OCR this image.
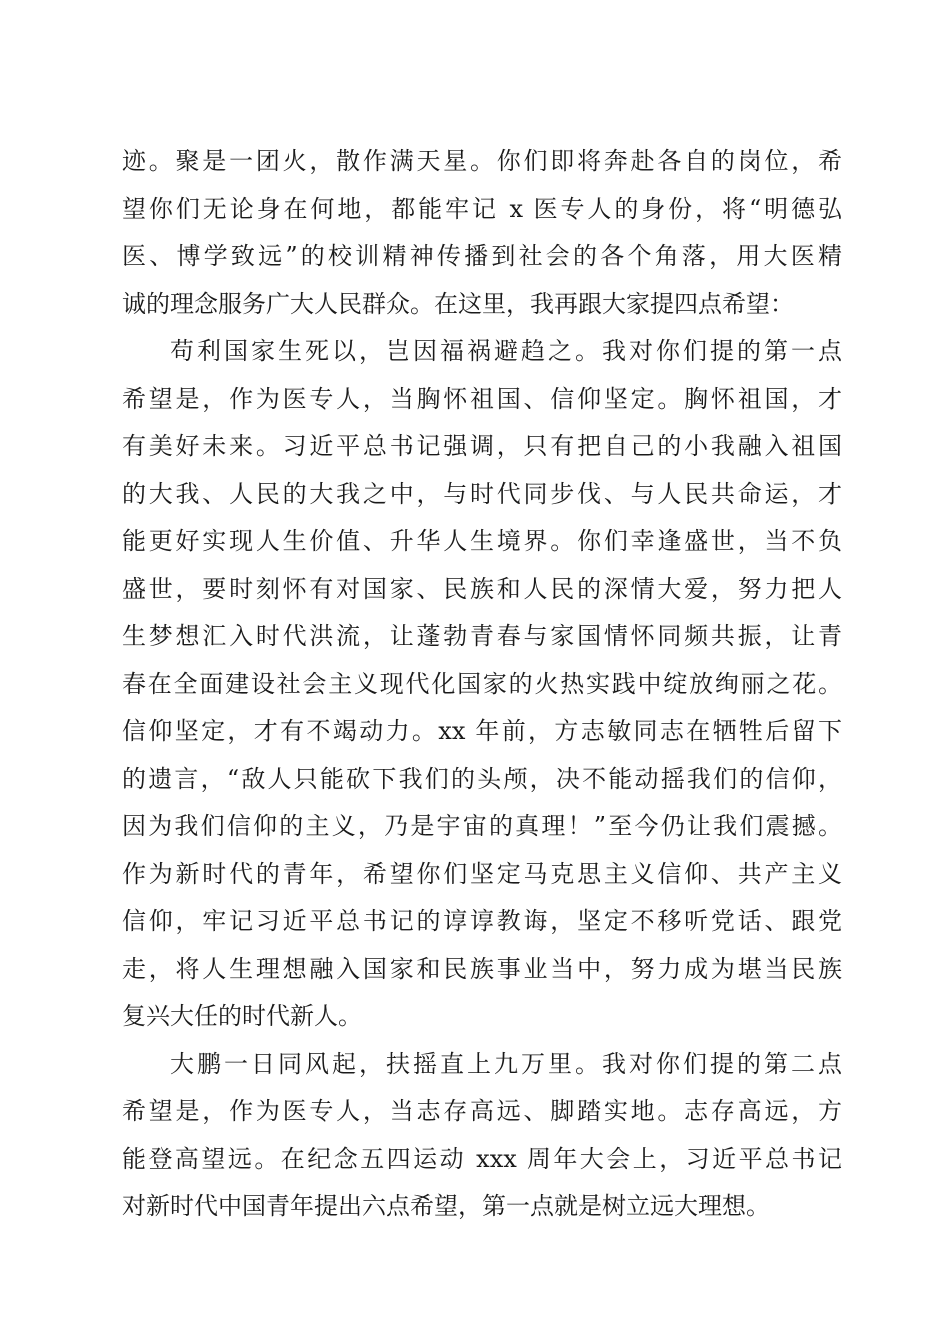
迹。聚是一团火，散作满天星。你们即将奔赴各自的岗位，希
望你们无论身在何地，都能牢记 x 医专人的身份，将“明德弘
医、博学致远”的校训精神传播到社会的各个角落，用大医精
诚的理念服务广大人民群众。在这里，我再跟大家提四点希望：
苟利国家生死以，岂因福祸避趋之。我对你们提的第一点
希望是，作为医专人，当胸怀祖国、信仰坚定。胸怀祖国，才
有美好未来。习近平总书记强调，只有把自己的小我融入祖国
的大我、人民的大我之中，与时代同步伐、与人民共命运，才
能更好实现人生价值、升华人生境界。你们幸逢盛世，当不负
盛世，要时刻怀有对国家、民族和人民的深情大爱，努力把人
生梦想汇入时代洪流，让蓬勃青春与家国情怀同频共振，让青
春在全面建设社会主义现代化国家的火热实践中绽放绚丽之花。
信仰坚定，才有不竭动力。xx 年前，方志敏同志在牺牲后留下
的遗言，“敌人只能砍下我们的头颅，决不能动摇我们的信仰，
因为我们信仰的主义，乃是宇宙的真理！”至今仍让我们震撼。
作为新时代的青年，希望你们坚定马克思主义信仰、共产主义
信仰，牢记习近平总书记的谆谆教诲，坚定不移听党话、跟党
走，将人生理想融入国家和民族事业当中，努力成为堪当民族
复兴大任的时代新人。
大鹏一日同风起，扶摇直上九万里。我对你们提的第二点
希望是，作为医专人，当志存高远、脚踏实地。志存高远，方
能登高望远。在纪念五四运动 xxx 周年大会上，习近平总书记
对新时代中国青年提出六点希望，第一点就是树立远大理想。
